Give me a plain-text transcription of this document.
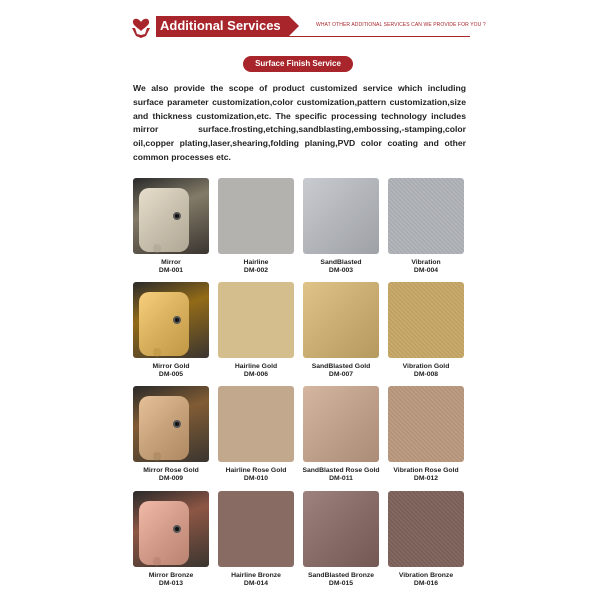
Additional Services	WHAT OTHER ADDITIONAL SERVICES CAN WE PROVIDE FOR YOU ?
Surface Finish Service
We also provide the scope of product customized service which including surface parameter customization,color customization,pattern customization,size and thickness customization,etc. The specific processing technology includes mirror surface.frosting,etching,sandblasting,embossing,-stamping,color oil,copper plating,laser,shearing,folding planing,PVD color coating and other common processes etc.
Mirror
DM-001
Hairline
DM-002
SandBlasted
DM-003
Vibration
DM-004
Mirror Gold
DM-005
Hairline Gold
DM-006
SandBlasted Gold
DM-007
Vibration Gold
DM-008
Mirror Rose Gold
DM-009
Hairline Rose Gold
DM-010
SandBlasted Rose Gold
DM-011
Vibration Rose Gold
DM-012
Mirror Bronze
DM-013
Hairline Bronze
DM-014
SandBlasted Bronze
DM-015
Vibration Bronze
DM-016
